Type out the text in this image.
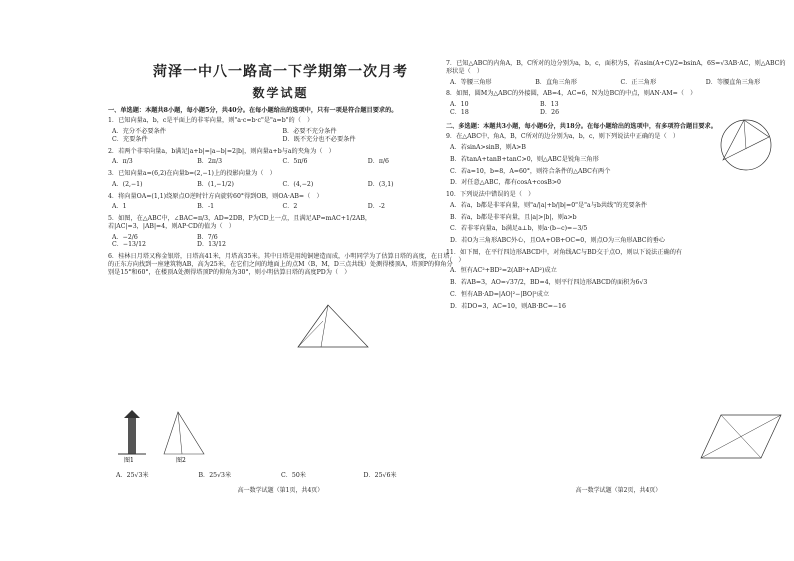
菏泽一中八一路高一下学期第一次月考
数学试题
一、单选题：本题共8小题，每小题5分，共40分。在每小题给出的选项中，只有一项是符合题目要求的。
1．已知向量a，b，c是平面上的非零向量，则"a·c=b·c"是"a=b"的（　）
A．充分不必要条件	B．必要不充分条件
C．充要条件	D．既不充分也不必要条件
2．若两个非零向量a，b满足|a+b|=|a−b|=2|b|，则向量a+b与a的夹角为（　）
A．π/3	B．2π/3	C．5π/6	D．π/6
3．已知向量a=(6,2)在向量b=(2,−1)上的投影向量为（　）
A．(2,−1)	B．(1,−1/2)	C．(4,−2)	D．(3,1)
4．将向量OA=(1,1)绕原点O逆时针方向旋转60°得到OB，则OA·AB=（　）
A．1	B．-1	C．2	D．-2
5．如图，在△ABC中，∠BAC=π/3，AD=2DB，P为CD上一点，且满足AP=mAC+1/2AB，若|AC|=3，|AB|=4，则AP·CD的值为（　）
A．−2/6	B．7/6
C．−13/12	D．13/12
6．桂林日月塔又称金银塔，日塔高41米，月塔高35米。其中日塔是用纯铜建造而成，小明同学为了估算日塔的高度，在日塔的正东方向找到一座建筑物AB，高为25米，在它们之间的地面上的点M（B，M，D三点共线）处测得楼顶A，塔顶P的仰角分别是15°和60°，在楼顶A处测得塔顶P的仰角为30°，则小明估算日塔的高度PD为（　）
图1	图2
A．25√3米	B．25√3米	C．50米	D．25√6米
高一数学试题（第1页，共4页）
7．已知△ABC的内角A，B，C所对的边分别为a，b，c，面积为S，若asin(A+C)/2=bsinA，6S=√3AB·AC，则△ABC的形状是（　）
A．等腰三角形	B．直角三角形	C．正三角形	D．等腰直角三角形
8．如图，圆M为△ABC的外接圆，AB=4，AC=6，N为边BC的中点，则AN·AM=（　）
A．10	B．13
C．18	D．26
二、多选题：本题共3小题，每小题6分，共18分。在每小题给出的选项中，有多项符合题目要求。
9．在△ABC中，角A，B，C所对的边分别为a，b，c，则下列说法中正确的是（　）
A．若sinA>sinB，则A>B
B．若tanA+tanB+tanC>0，则△ABC是锐角三角形
C．若a=10，b=8，A=60°，则符合条件的△ABC有两个
D．对任意△ABC，都有cosA+cosB>0
10．下列说法中错误的是（　）
A．若a，b都是非零向量，则"a/|a|+b/|b|=0"是"a与b共线"的充要条件
B．若a，b都是非零向量，且|a|>|b|，则a>b
C．若非零向量a，b满足a⊥b，则a·(b−c)=−3/5
D．若O为三角形ABC外心，且OA+OB+OC=0，则点O为三角形ABC的垂心
11．如下图，在平行四边形ABCD中，对角线AC与BD交于点O，则以下说法正确的有（　）
A．恒有AC²+BD²=2(AB²+AD²)成立
B．若AB=3，AO=√37/2，BD=4，则平行四边形ABCD的面积为6√3
C．恒有AB·AD=|AO|²−|BO|²成立
D．若DO=3，AC=10，则AB·BC=−16
高一数学试题（第2页，共4页）
